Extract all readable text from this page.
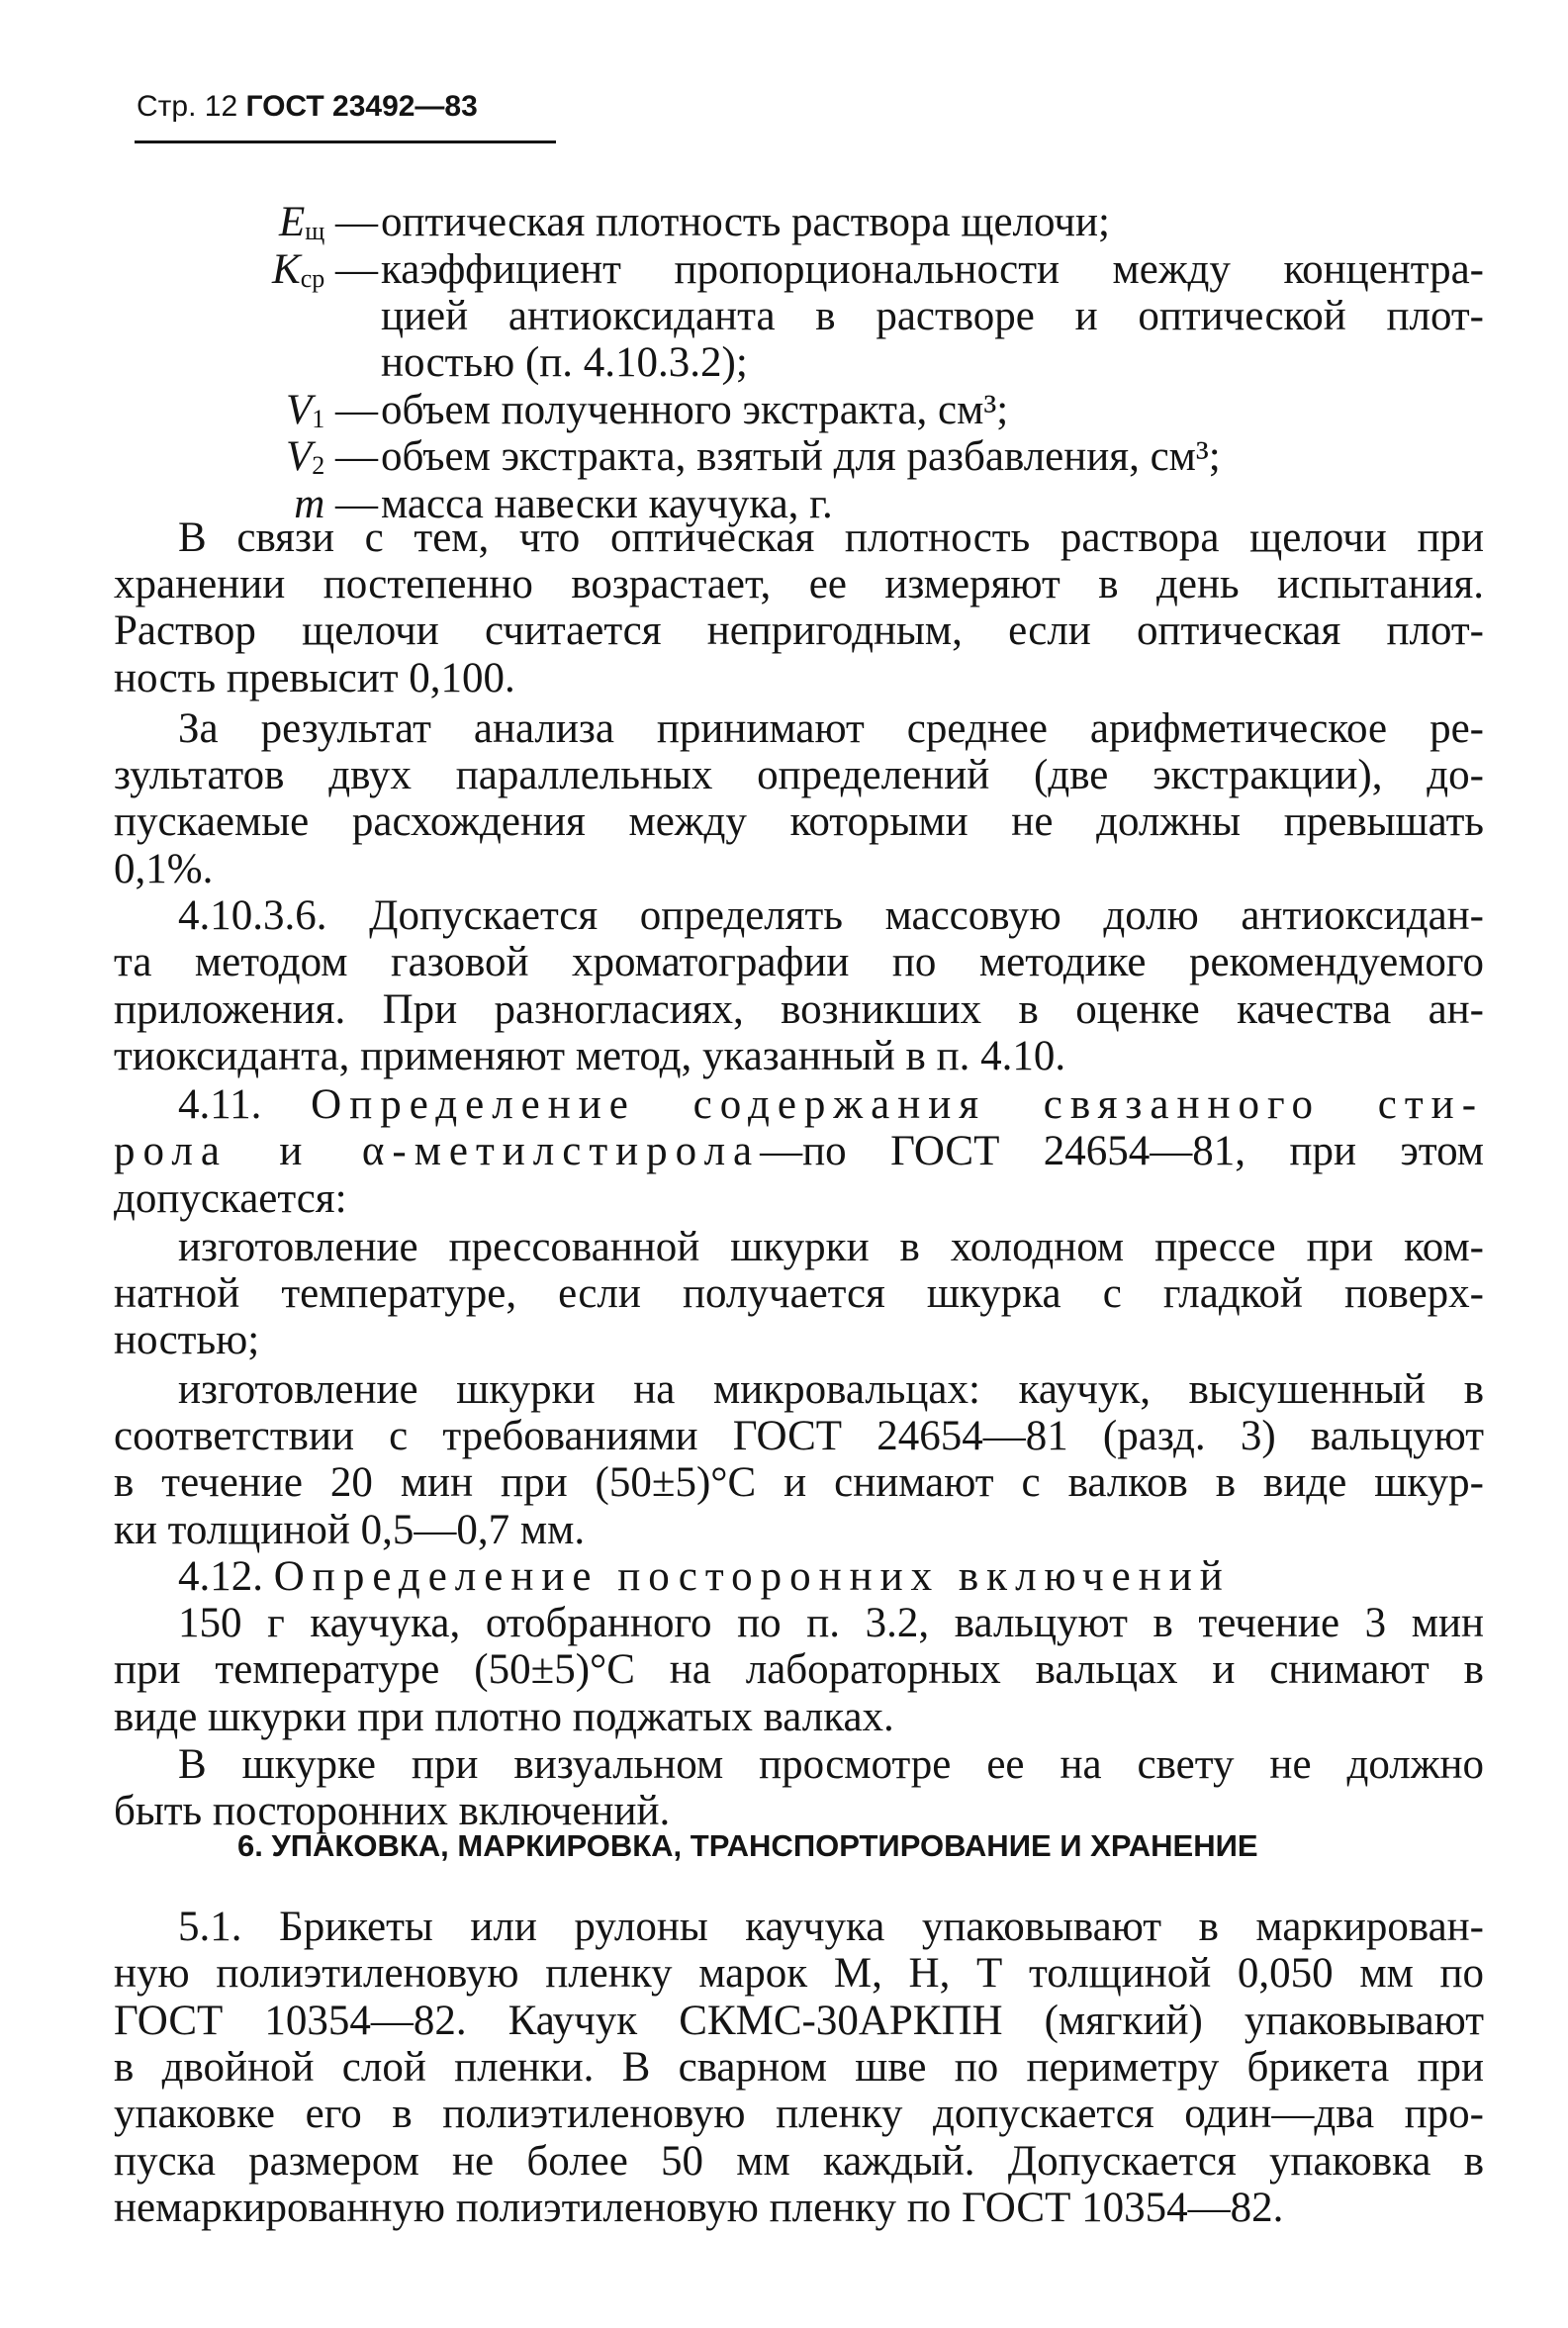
Стр. 12 ГОСТ 23492—83
$E_щ$ — оптическая плотность раствора щелочи;
$K_{ср}$ — каэффициент пропорциональности между концентра-
цией антиоксиданта в растворе и оптической плот-
ностью (п. 4.10.3.2);
$V_1$ — объем полученного экстракта, см³;
$V_2$ — объем экстракта, взятый для разбавления, см³;
m — масса навески каучука, г.
В связи с тем, что оптическая плотность раствора щелочи при
хранении постепенно возрастает, ее измеряют в день испытания.
Раствор щелочи считается непригодным, если оптическая плот-
ность превысит 0,100.
За результат анализа принимают среднее арифметическое ре-
зультатов двух параллельных определений (две экстракции), до-
пускаемые расхождения между которыми не должны превышать
0,1%.
4.10.3.6. Допускается определять массовую долю антиоксидан-
та методом газовой хроматографии по методике рекомендуемого
приложения. При разногласиях, возникших в оценке качества ан-
тиоксиданта, применяют метод, указанный в п. 4.10.
4.11. Определение содержания связанного сти-
рола и α-метилстирола—по ГОСТ 24654—81, при этом
допускается:
изготовление прессованной шкурки в холодном прессе при ком-
натной температуре, если получается шкурка с гладкой поверх-
ностью;
изготовление шкурки на микровальцах: каучук, высушенный в
соответствии с требованиями ГОСТ 24654—81 (разд. 3) вальцуют
в течение 20 мин при (50±5)°С и снимают с валков в виде шкур-
ки толщиной 0,5—0,7 мм.
4.12. Определение посторонних включений
150 г каучука, отобранного по п. 3.2, вальцуют в течение 3 мин
при температуре (50±5)°С на лабораторных вальцах и снимают в
виде шкурки при плотно поджатых валках.
В шкурке при визуальном просмотре ее на свету не должно
быть посторонних включений.
6. УПАКОВКА, МАРКИРОВКА, ТРАНСПОРТИРОВАНИЕ И ХРАНЕНИЕ
5.1. Брикеты или рулоны каучука упаковывают в маркирован-
ную полиэтиленовую пленку марок М, Н, Т толщиной 0,050 мм по
ГОСТ 10354—82. Каучук СКМС-30АРКПН (мягкий) упаковывают
в двойной слой пленки. В сварном шве по периметру брикета при
упаковке его в полиэтиленовую пленку допускается один—два про-
пуска размером не более 50 мм каждый. Допускается упаковка в
немаркированную полиэтиленовую пленку по ГОСТ 10354—82.
